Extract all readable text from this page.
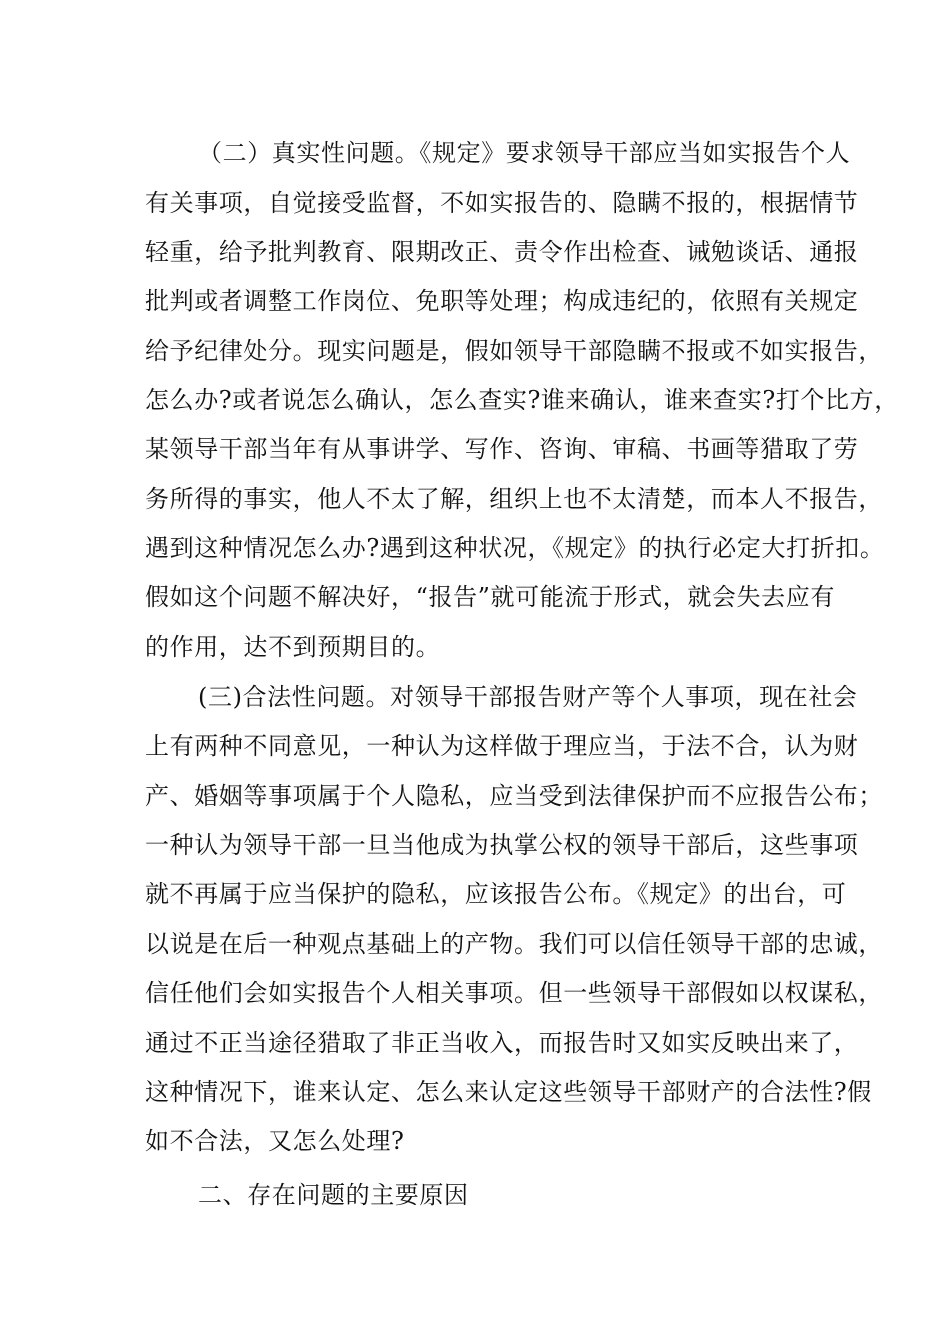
（二）真实性问题。《规定》要求领导干部应当如实报告个人
有关事项，自觉接受监督，不如实报告的、隐瞒不报的，根据情节
轻重，给予批判教育、限期改正、责令作出检查、诫勉谈话、通报
批判或者调整工作岗位、免职等处理；构成违纪的，依照有关规定
给予纪律处分。现实问题是，假如领导干部隐瞒不报或不如实报告，
怎么办?或者说怎么确认，怎么查实?谁来确认，谁来查实?打个比方，
某领导干部当年有从事讲学、写作、咨询、审稿、书画等猎取了劳
务所得的事实，他人不太了解，组织上也不太清楚，而本人不报告，
遇到这种情况怎么办?遇到这种状况，《规定》的执行必定大打折扣。
假如这个问题不解决好，“报告”就可能流于形式，就会失去应有
的作用，达不到预期目的。
(三)合法性问题。对领导干部报告财产等个人事项，现在社会
上有两种不同意见，一种认为这样做于理应当，于法不合，认为财
产、婚姻等事项属于个人隐私，应当受到法律保护而不应报告公布；
一种认为领导干部一旦当他成为执掌公权的领导干部后，这些事项
就不再属于应当保护的隐私，应该报告公布。《规定》的出台，可
以说是在后一种观点基础上的产物。我们可以信任领导干部的忠诚，
信任他们会如实报告个人相关事项。但一些领导干部假如以权谋私，
通过不正当途径猎取了非正当收入，而报告时又如实反映出来了，
这种情况下，谁来认定、怎么来认定这些领导干部财产的合法性?假
如不合法，又怎么处理?
二、存在问题的主要原因
